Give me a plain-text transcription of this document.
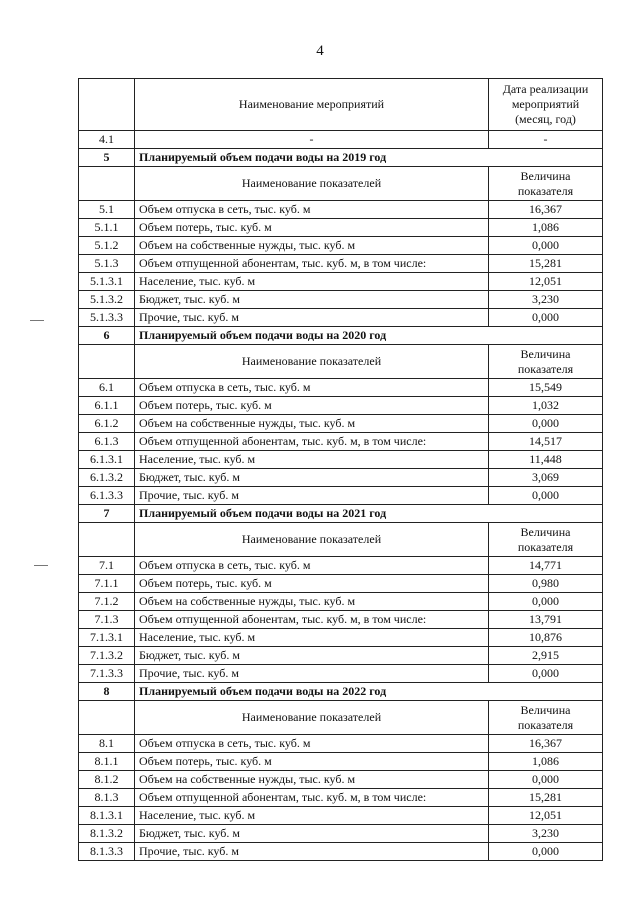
4
	Наименование мероприятий	Дата реализации мероприятий (месяц, год)
4.1	-	-
5	Планируемый объем подачи воды на 2019 год	
	Наименование показателей	Величина показателя
5.1	Объем отпуска в сеть, тыс. куб. м	16,367
5.1.1	Объем потерь, тыс. куб. м	1,086
5.1.2	Объем на собственные нужды, тыс. куб. м	0,000
5.1.3	Объем отпущенной абонентам, тыс. куб. м, в том числе:	15,281
5.1.3.1	Население, тыс. куб. м	12,051
5.1.3.2	Бюджет, тыс. куб. м	3,230
5.1.3.3	Прочие, тыс. куб. м	0,000
6	Планируемый объем подачи воды на 2020 год	
	Наименование показателей	Величина показателя
6.1	Объем отпуска в сеть, тыс. куб. м	15,549
6.1.1	Объем потерь, тыс. куб. м	1,032
6.1.2	Объем на собственные нужды, тыс. куб. м	0,000
6.1.3	Объем отпущенной абонентам, тыс. куб. м, в том числе:	14,517
6.1.3.1	Население, тыс. куб. м	11,448
6.1.3.2	Бюджет, тыс. куб. м	3,069
6.1.3.3	Прочие, тыс. куб. м	0,000
7	Планируемый объем подачи воды на 2021 год	
	Наименование показателей	Величина показателя
7.1	Объем отпуска в сеть, тыс. куб. м	14,771
7.1.1	Объем потерь, тыс. куб. м	0,980
7.1.2	Объем на собственные нужды, тыс. куб. м	0,000
7.1.3	Объем отпущенной абонентам, тыс. куб. м, в том числе:	13,791
7.1.3.1	Население, тыс. куб. м	10,876
7.1.3.2	Бюджет, тыс. куб. м	2,915
7.1.3.3	Прочие, тыс. куб. м	0,000
8	Планируемый объем подачи воды на 2022 год	
	Наименование показателей	Величина показателя
8.1	Объем отпуска в сеть, тыс. куб. м	16,367
8.1.1	Объем потерь, тыс. куб. м	1,086
8.1.2	Объем на собственные нужды, тыс. куб. м	0,000
8.1.3	Объем отпущенной абонентам, тыс. куб. м, в том числе:	15,281
8.1.3.1	Население, тыс. куб. м	12,051
8.1.3.2	Бюджет, тыс. куб. м	3,230
8.1.3.3	Прочие, тыс. куб. м	0,000
